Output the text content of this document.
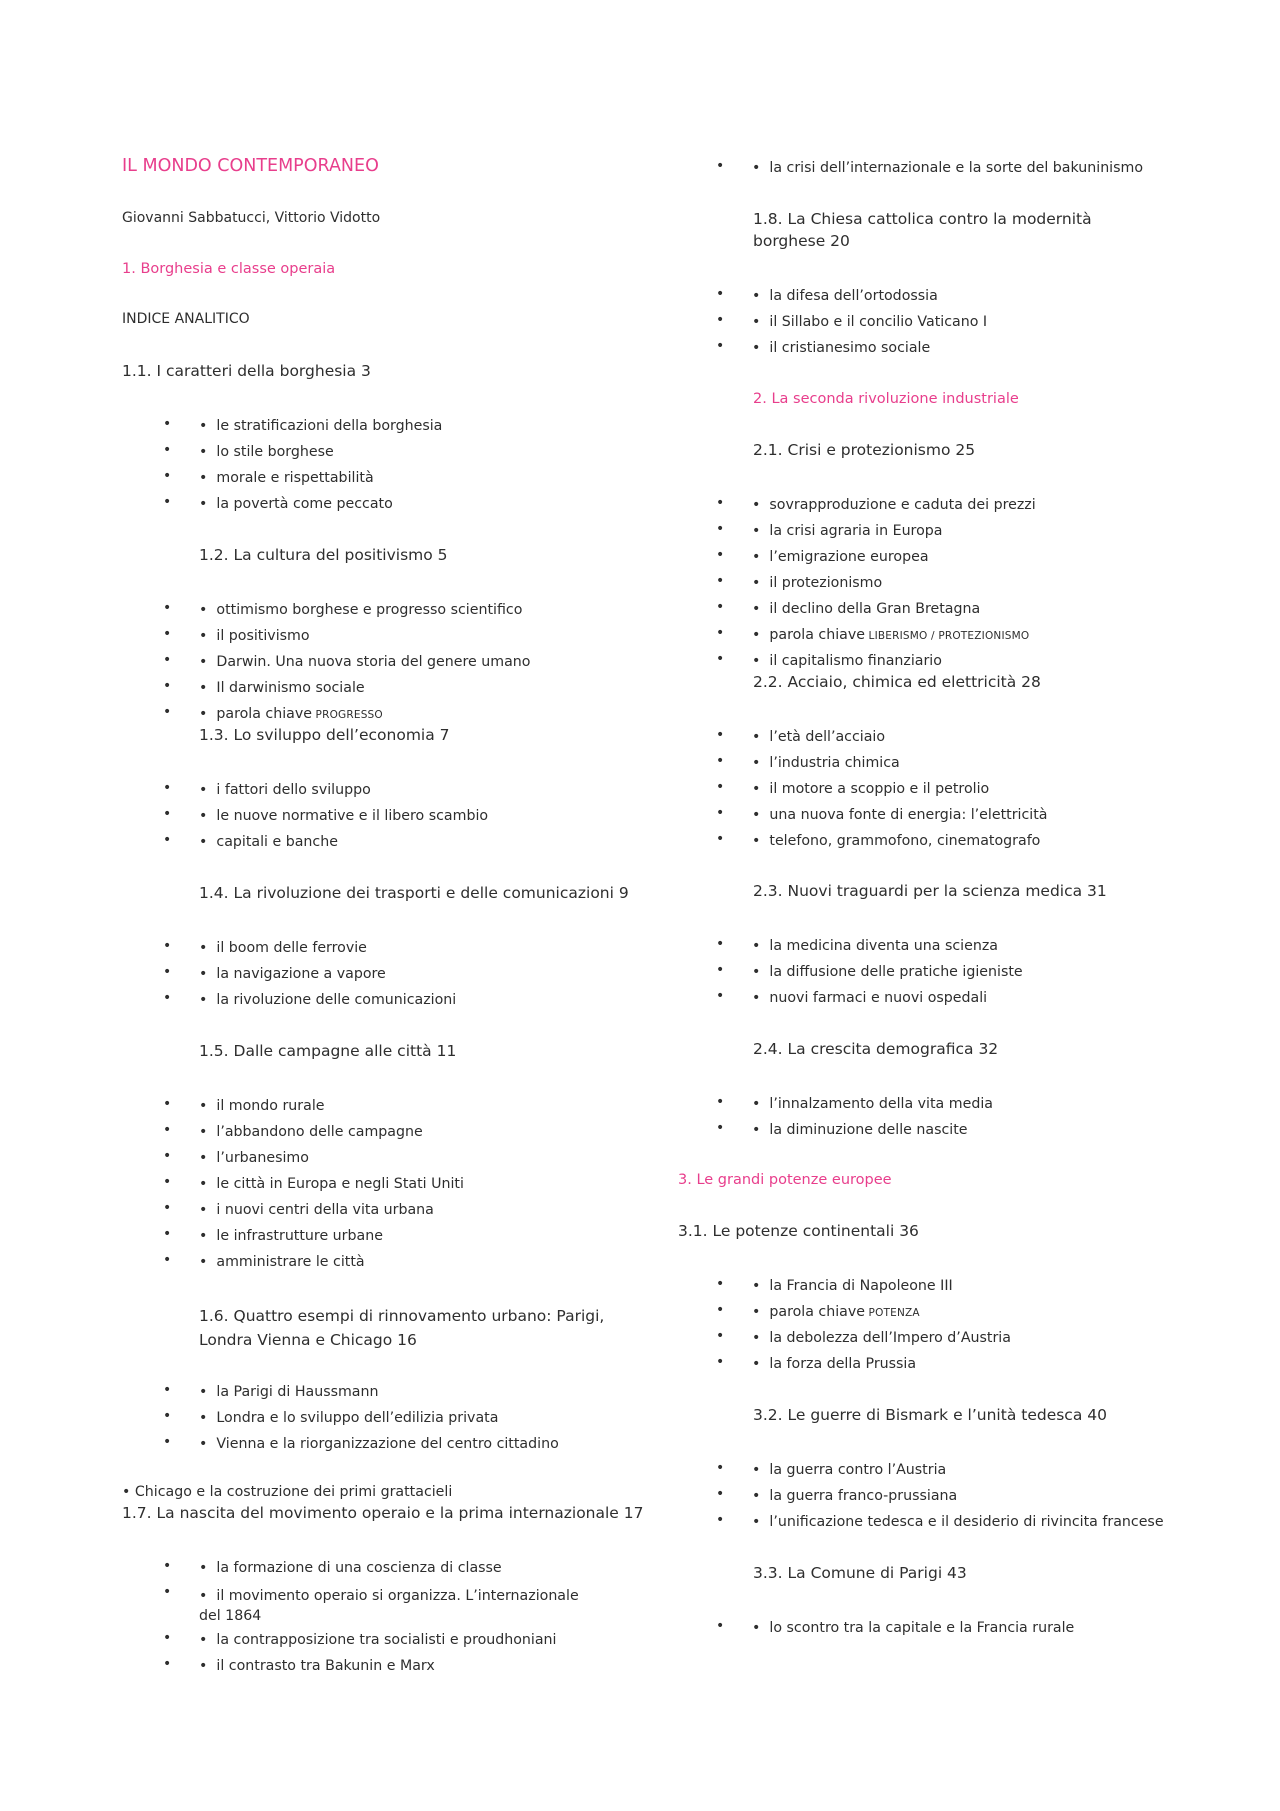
IL MONDO CONTEMPORANEO
Giovanni Sabbatucci, Vittorio Vidotto
1. Borghesia e classe operaia
INDICE ANALITICO
1.1. I caratteri della borghesia 3
• •  le stratificazioni della borghesia
• •  lo stile borghese
• •  morale e rispettabilità
• •  la povertà come peccato
1.2. La cultura del positivismo 5
• •  ottimismo borghese e progresso scientifico
• •  il positivismo
• •  Darwin. Una nuova storia del genere umano
• •  Il darwinismo sociale
• •  parola chiave PROGRESSO
1.3. Lo sviluppo dell’economia 7
• •  i fattori dello sviluppo
• •  le nuove normative e il libero scambio
• •  capitali e banche
1.4. La rivoluzione dei trasporti e delle comunicazioni 9
• •  il boom delle ferrovie
• •  la navigazione a vapore
• •  la rivoluzione delle comunicazioni
1.5. Dalle campagne alle città 11
• •  il mondo rurale
• •  l’abbandono delle campagne
• •  l’urbanesimo
• •  le città in Europa e negli Stati Uniti
• •  i nuovi centri della vita urbana
• •  le infrastrutture urbane
• •  amministrare le città
1.6. Quattro esempi di rinnovamento urbano: Parigi, Londra Vienna e Chicago 16
• •  la Parigi di Haussmann
• •  Londra e lo sviluppo dell’edilizia privata
• •  Vienna e la riorganizzazione del centro cittadino
• Chicago e la costruzione dei primi grattacieli
1.7. La nascita del movimento operaio e la prima internazionale 17
• •  la formazione di una coscienza di classe
• •  il movimento operaio si organizza. L’internazionale del 1864
• •  la contrapposizione tra socialisti e proudhoniani
• •  il contrasto tra Bakunin e Marx
• •  la crisi dell’internazionale e la sorte del bakuninismo
1.8. La Chiesa cattolica contro la modernità borghese 20
• •  la difesa dell’ortodossia
• •  il Sillabo e il concilio Vaticano I
• •  il cristianesimo sociale
2. La seconda rivoluzione industriale
2.1. Crisi e protezionismo 25
• •  sovrapproduzione e caduta dei prezzi
• •  la crisi agraria in Europa
• •  l’emigrazione europea
• •  il protezionismo
• •  il declino della Gran Bretagna
• •  parola chiave LIBERISMO / PROTEZIONISMO
• •  il capitalismo finanziario
2.2. Acciaio, chimica ed elettricità 28
• •  l’età dell’acciaio
• •  l’industria chimica
• •  il motore a scoppio e il petrolio
• •  una nuova fonte di energia: l’elettricità
• •  telefono, grammofono, cinematografo
2.3. Nuovi traguardi per la scienza medica 31
• •  la medicina diventa una scienza
• •  la diffusione delle pratiche igieniste
• •  nuovi farmaci e nuovi ospedali
2.4. La crescita demografica 32
• •  l’innalzamento della vita media
• •  la diminuzione delle nascite
3. Le grandi potenze europee
3.1. Le potenze continentali 36
• •  la Francia di Napoleone III
• •  parola chiave POTENZA
• •  la debolezza dell’Impero d’Austria
• •  la forza della Prussia
3.2. Le guerre di Bismark e l’unità tedesca 40
• •  la guerra contro l’Austria
• •  la guerra franco-prussiana
• •  l’unificazione tedesca e il desiderio di rivincita francese
3.3. La Comune di Parigi 43
• •  lo scontro tra la capitale e la Francia rurale
